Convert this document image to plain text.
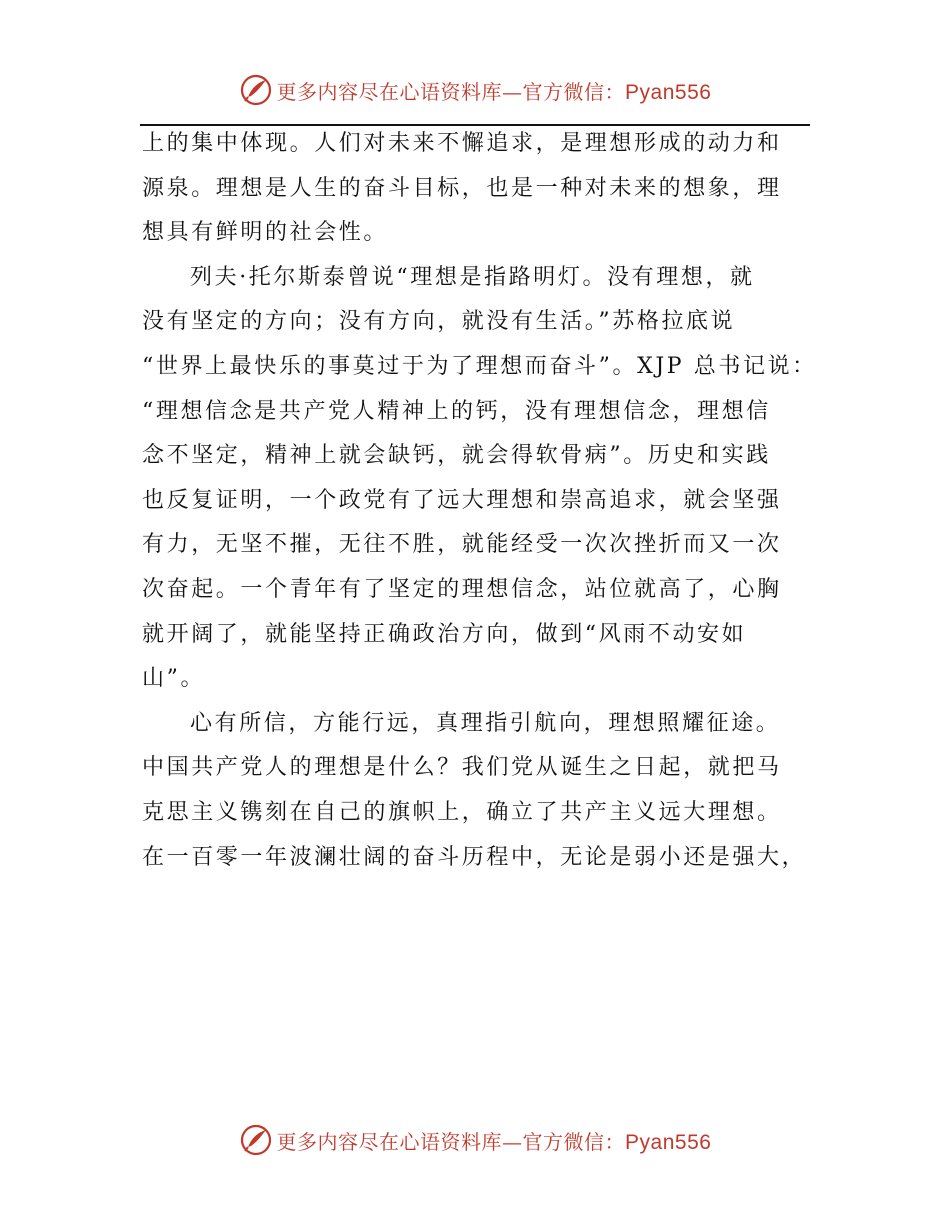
更多内容尽在心语资料库—官方微信：Pyan556
上的集中体现。人们对未来不懈追求，是理想形成的动力和
源泉。理想是人生的奋斗目标，也是一种对未来的想象，理
想具有鲜明的社会性。
列夫·托尔斯泰曾说“理想是指路明灯。没有理想，就
没有坚定的方向；没有方向，就没有生活。”苏格拉底说
“世界上最快乐的事莫过于为了理想而奋斗”。XJP 总书记说：
“理想信念是共产党人精神上的钙，没有理想信念，理想信
念不坚定，精神上就会缺钙，就会得软骨病”。历史和实践
也反复证明，一个政党有了远大理想和崇高追求，就会坚强
有力，无坚不摧，无往不胜，就能经受一次次挫折而又一次
次奋起。一个青年有了坚定的理想信念，站位就高了，心胸
就开阔了，就能坚持正确政治方向，做到“风雨不动安如
山”。
心有所信，方能行远，真理指引航向，理想照耀征途。
中国共产党人的理想是什么？我们党从诞生之日起，就把马
克思主义镌刻在自己的旗帜上，确立了共产主义远大理想。
在一百零一年波澜壮阔的奋斗历程中，无论是弱小还是强大，
更多内容尽在心语资料库—官方微信：Pyan556
